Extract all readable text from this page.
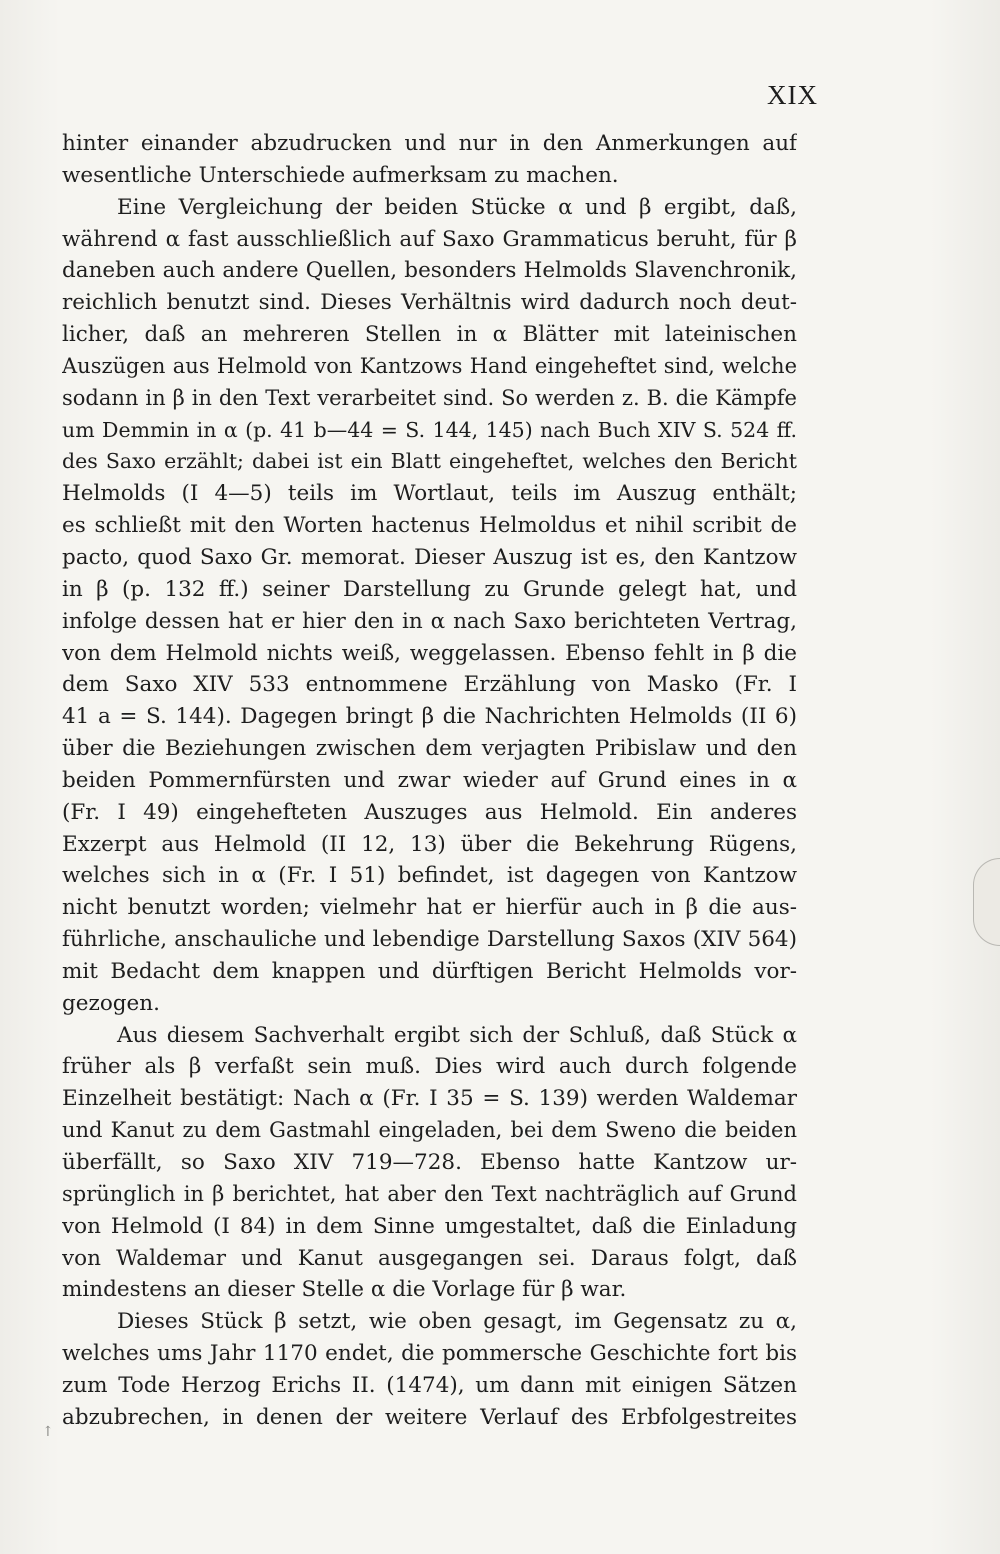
XIX
hinter einander abzudrucken und nur in den Anmerkungen auf
wesentliche Unterschiede aufmerksam zu machen.
Eine Vergleichung der beiden Stücke α und β ergibt, daß,
während α fast ausschließlich auf Saxo Grammaticus beruht, für β
daneben auch andere Quellen, besonders Helmolds Slavenchronik,
reichlich benutzt sind. Dieses Verhältnis wird dadurch noch deut-
licher, daß an mehreren Stellen in α Blätter mit lateinischen
Auszügen aus Helmold von Kantzows Hand eingeheftet sind, welche
sodann in β in den Text verarbeitet sind. So werden z. B. die Kämpfe
um Demmin in α (p. 41 b—44 = S. 144, 145) nach Buch XIV S. 524 ff.
des Saxo erzählt; dabei ist ein Blatt eingeheftet, welches den Bericht
Helmolds (I 4—5) teils im Wortlaut, teils im Auszug enthält;
es schließt mit den Worten hactenus Helmoldus et nihil scribit de
pacto, quod Saxo Gr. memorat. Dieser Auszug ist es, den Kantzow
in β (p. 132 ff.) seiner Darstellung zu Grunde gelegt hat, und
infolge dessen hat er hier den in α nach Saxo berichteten Vertrag,
von dem Helmold nichts weiß, weggelassen. Ebenso fehlt in β die
dem Saxo XIV 533 entnommene Erzählung von Masko (Fr. I
41 a = S. 144). Dagegen bringt β die Nachrichten Helmolds (II 6)
über die Beziehungen zwischen dem verjagten Pribislaw und den
beiden Pommernfürsten und zwar wieder auf Grund eines in α
(Fr. I 49) eingehefteten Auszuges aus Helmold. Ein anderes
Exzerpt aus Helmold (II 12, 13) über die Bekehrung Rügens,
welches sich in α (Fr. I 51) befindet, ist dagegen von Kantzow
nicht benutzt worden; vielmehr hat er hierfür auch in β die aus-
führliche, anschauliche und lebendige Darstellung Saxos (XIV 564)
mit Bedacht dem knappen und dürftigen Bericht Helmolds vor-
gezogen.
Aus diesem Sachverhalt ergibt sich der Schluß, daß Stück α
früher als β verfaßt sein muß. Dies wird auch durch folgende
Einzelheit bestätigt: Nach α (Fr. I 35 = S. 139) werden Waldemar
und Kanut zu dem Gastmahl eingeladen, bei dem Sweno die beiden
überfällt, so Saxo XIV 719—728. Ebenso hatte Kantzow ur-
sprünglich in β berichtet, hat aber den Text nachträglich auf Grund
von Helmold (I 84) in dem Sinne umgestaltet, daß die Einladung
von Waldemar und Kanut ausgegangen sei. Daraus folgt, daß
mindestens an dieser Stelle α die Vorlage für β war.
Dieses Stück β setzt, wie oben gesagt, im Gegensatz zu α,
welches ums Jahr 1170 endet, die pommersche Geschichte fort bis
zum Tode Herzog Erichs II. (1474), um dann mit einigen Sätzen
abzubrechen, in denen der weitere Verlauf des Erbfolgestreites
↑
